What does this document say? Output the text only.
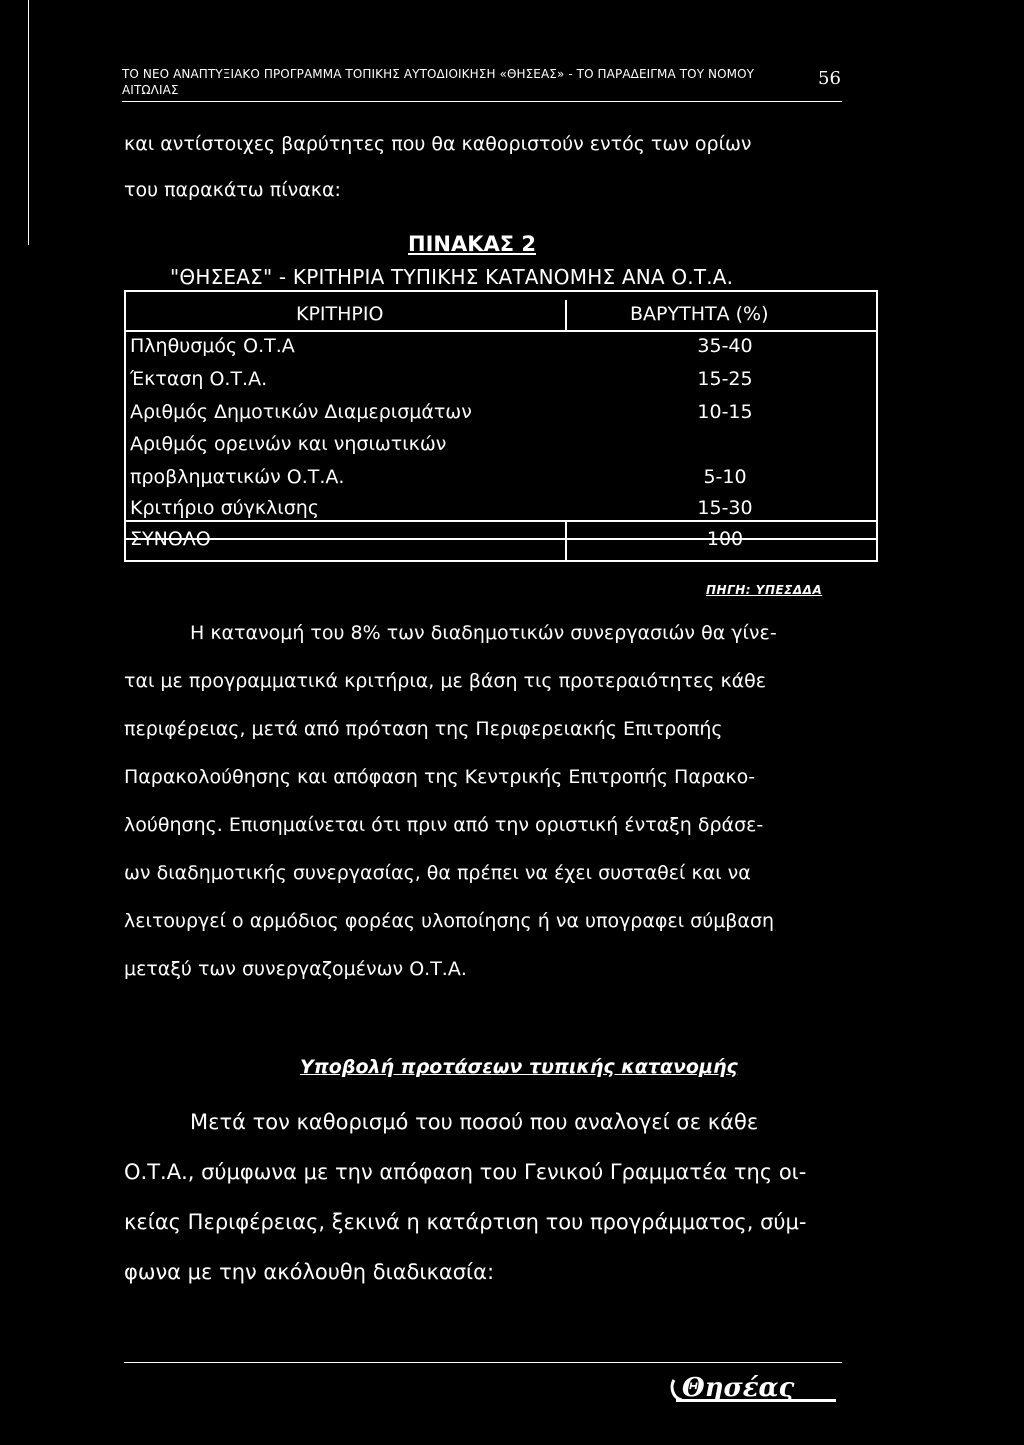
ΤΟ ΝΕΟ ΑΝΑΠΤΥΞΙΑΚΟ ΠΡΟΓΡΑΜΜΑ ΤΟΠΙΚΗΣ ΑΥΤΟΔΙΟΙΚΗΣΗ «ΘΗΣΕΑΣ» - ΤΟ ΠΑΡΑΔΕΙΓΜΑ ΤΟΥ ΝΟΜΟΥ ΑΙΤΩΛΙΑΣ
56
και αντίστοιχες βαρύτητες που θα καθοριστούν εντός των ορίων
του παρακάτω πίνακα:
ΠΙΝΑΚΑΣ 2
"ΘΗΣΕΑΣ" - ΚΡΙΤΗΡΙΑ ΤΥΠΙΚΗΣ ΚΑΤΑΝΟΜΗΣ ΑΝΑ Ο.Τ.Α.
ΚΡΙΤΗΡΙΟ	ΒΑΡΥΤΗΤΑ (%)
Πληθυσμός Ο.Τ.Α	35-40
Έκταση Ο.Τ.Α.	15-25
Αριθμός Δημοτικών Διαμερισμάτων	10-15
Αριθμός ορεινών και νησιωτικών
προβληματικών Ο.Τ.Α.	5-10
Κριτήριο σύγκλισης	15-30
ΣΥΝΟΛΟ	100
ΠΗΓΗ: ΥΠΕΣΔΔΑ
Η κατανομή του 8% των διαδημοτικών συνεργασιών θα γίνε-
ται με προγραμματικά κριτήρια, με βάση τις προτεραιότητες κάθε
περιφέρειας, μετά από πρόταση της Περιφερειακής Επιτροπής
Παρακολούθησης και απόφαση της Κεντρικής Επιτροπής Παρακο-
λούθησης. Επισημαίνεται ότι πριν από την οριστική ένταξη δράσε-
ων διαδημοτικής συνεργασίας, θα πρέπει να έχει συσταθεί και να
λειτουργεί ο αρμόδιος φορέας υλοποίησης ή να υπογραφει σύμβαση
μεταξύ των συνεργαζομένων Ο.Τ.Α.
Υποβολή προτάσεων τυπικής κατανομής
Μετά τον καθορισμό του ποσού που αναλογεί σε κάθε
Ο.Τ.Α., σύμφωνα με την απόφαση του Γενικού Γραμματέα της οι-
κείας Περιφέρειας, ξεκινά η κατάρτιση του προγράμματος, σύμ-
φωνα με την ακόλουθη διαδικασία:
Θησέας
